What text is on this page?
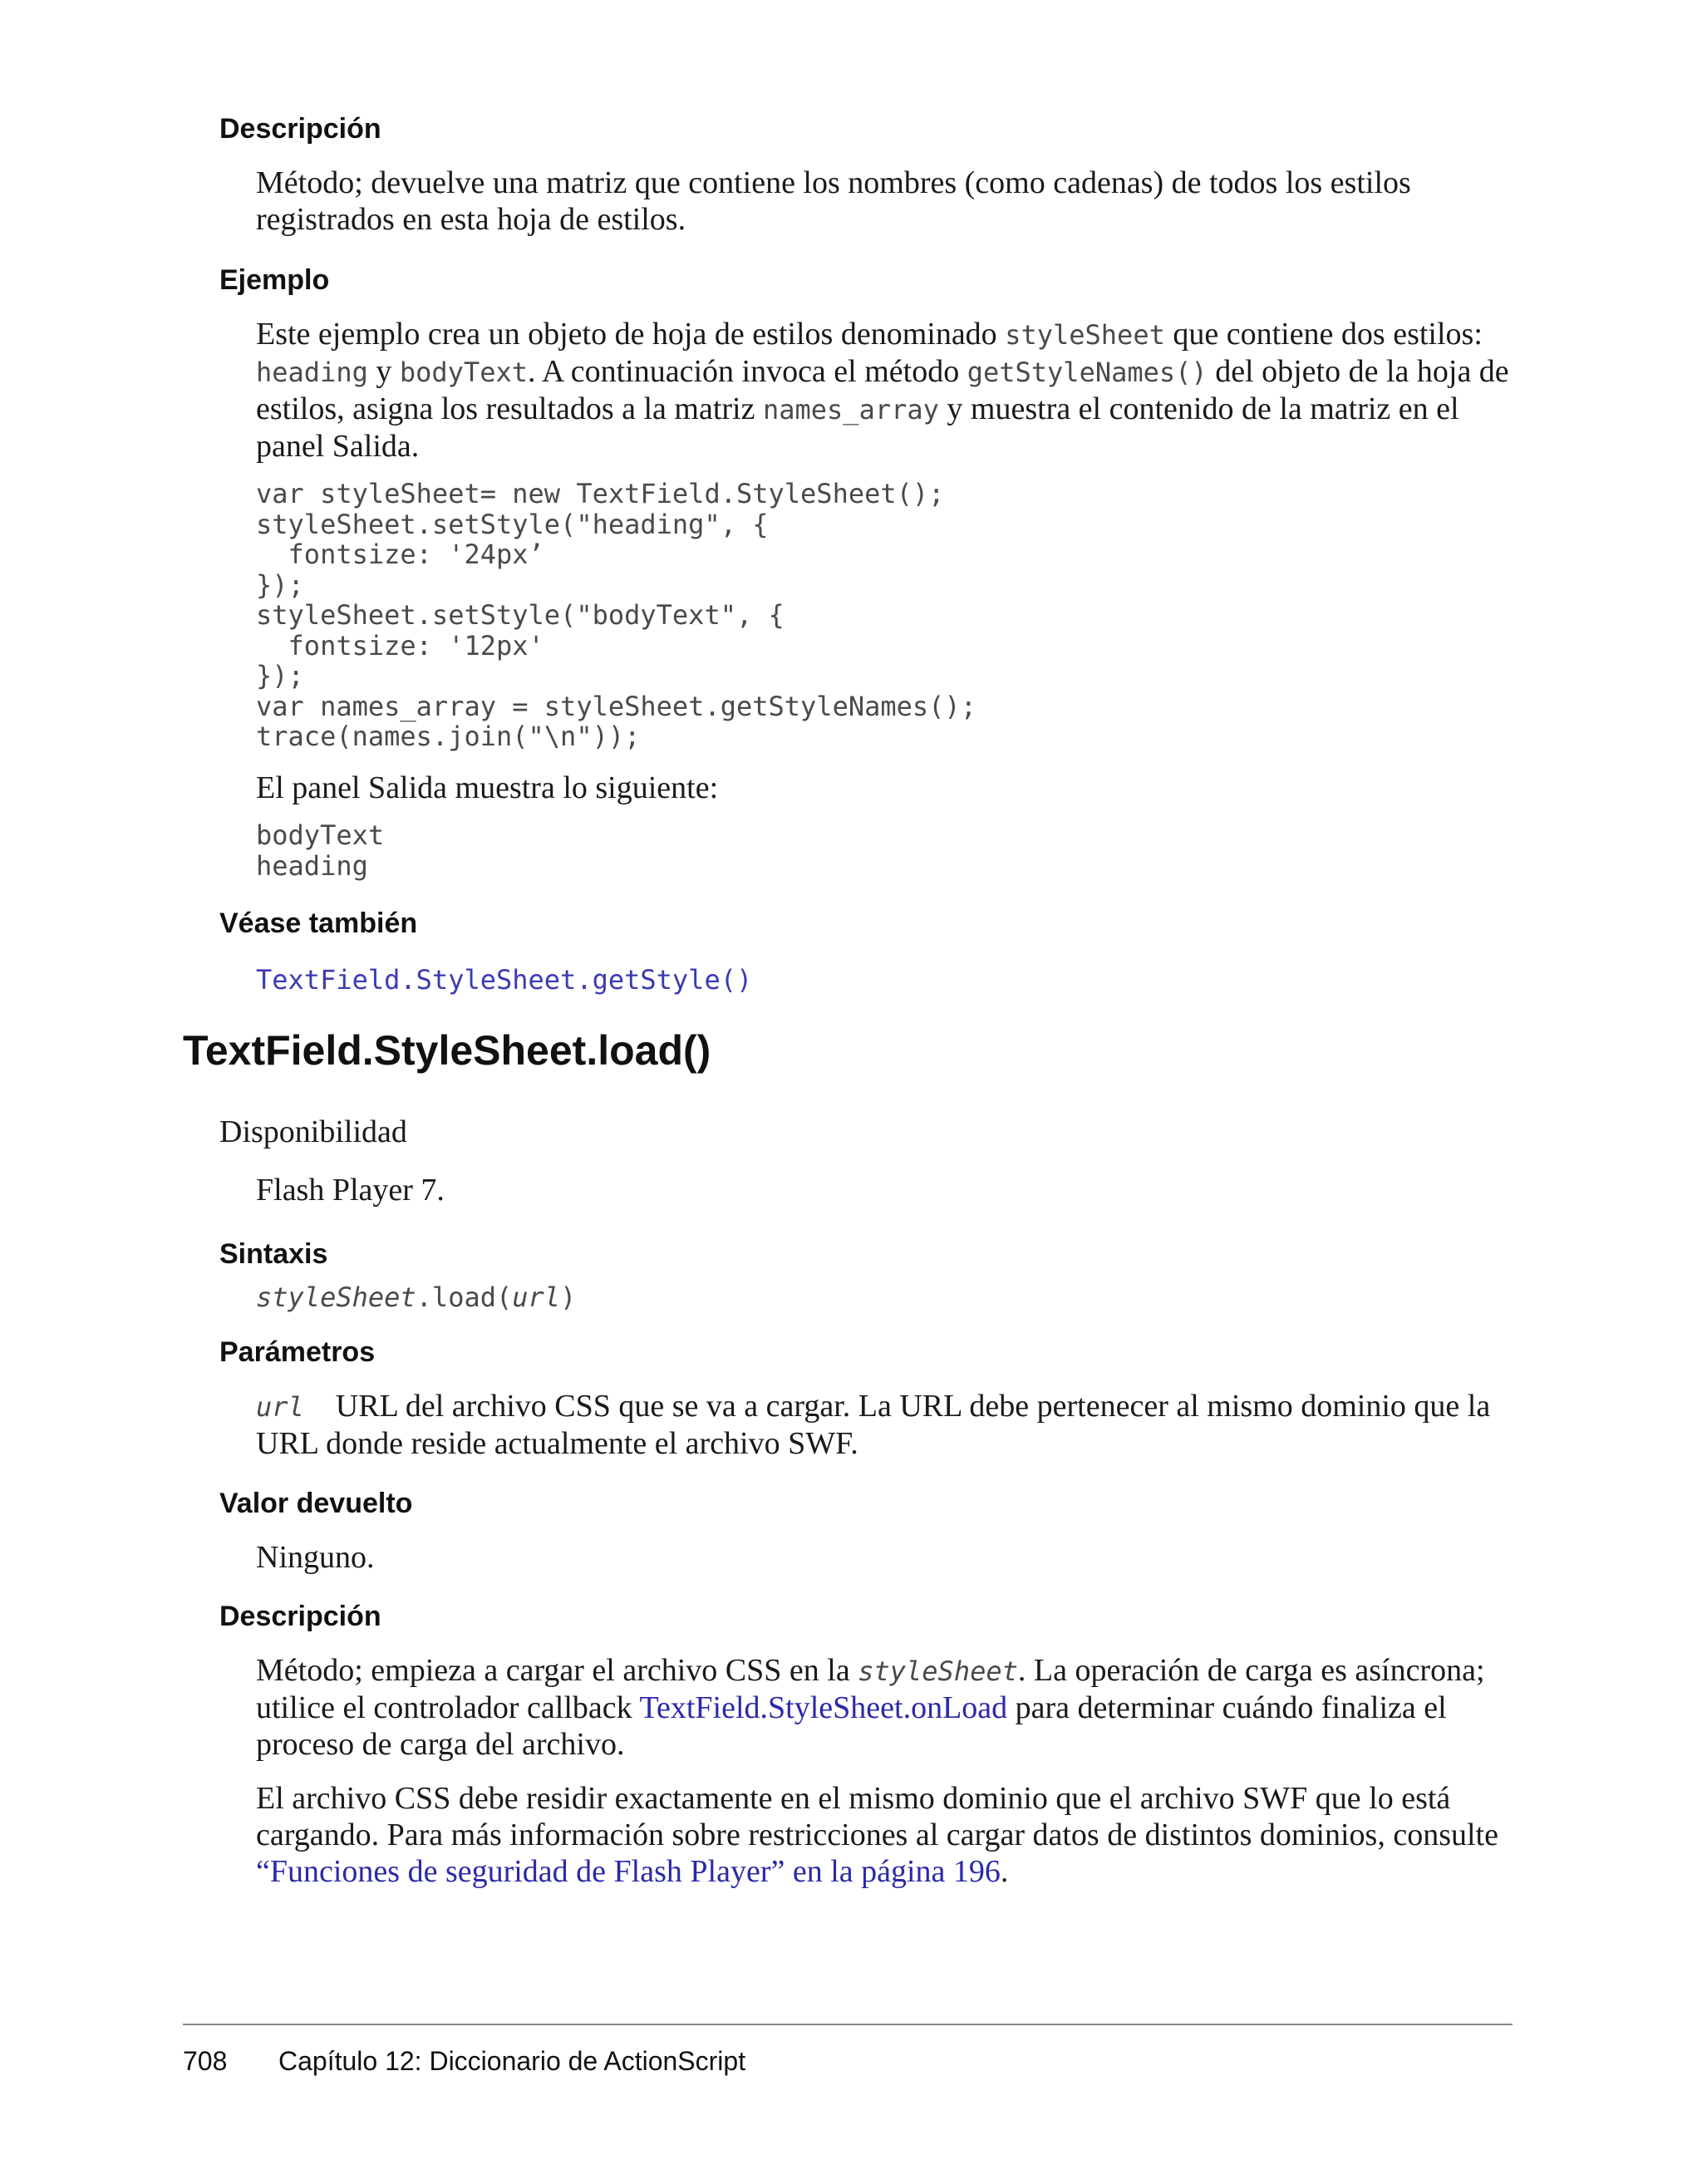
Descripción
Método; devuelve una matriz que contiene los nombres (como cadenas) de todos los estilos registrados en esta hoja de estilos.
Ejemplo
Este ejemplo crea un objeto de hoja de estilos denominado styleSheet que contiene dos estilos: heading y bodyText. A continuación invoca el método getStyleNames() del objeto de la hoja de estilos, asigna los resultados a la matriz names_array y muestra el contenido de la matriz en el panel Salida.
var styleSheet= new TextField.StyleSheet();
styleSheet.setStyle("heading", {
fontsize: '24px’
});
styleSheet.setStyle("bodyText", {
fontsize: '12px'
});
var names_array = styleSheet.getStyleNames();
trace(names.join("\n"));
El panel Salida muestra lo siguiente:
bodyText
heading
Véase también
TextField.StyleSheet.getStyle()
TextField.StyleSheet.load()
Disponibilidad
Flash Player 7.
Sintaxis
styleSheet.load(url)
Parámetros
url URL del archivo CSS que se va a cargar. La URL debe pertenecer al mismo dominio que la URL donde reside actualmente el archivo SWF.
Valor devuelto
Ninguno.
Descripción
Método; empieza a cargar el archivo CSS en la styleSheet. La operación de carga es asíncrona; utilice el controlador callback TextField.StyleSheet.onLoad para determinar cuándo finaliza el proceso de carga del archivo.
El archivo CSS debe residir exactamente en el mismo dominio que el archivo SWF que lo está cargando. Para más información sobre restricciones al cargar datos de distintos dominios, consulte “Funciones de seguridad de Flash Player” en la página 196.
708 Capítulo 12: Diccionario de ActionScript
